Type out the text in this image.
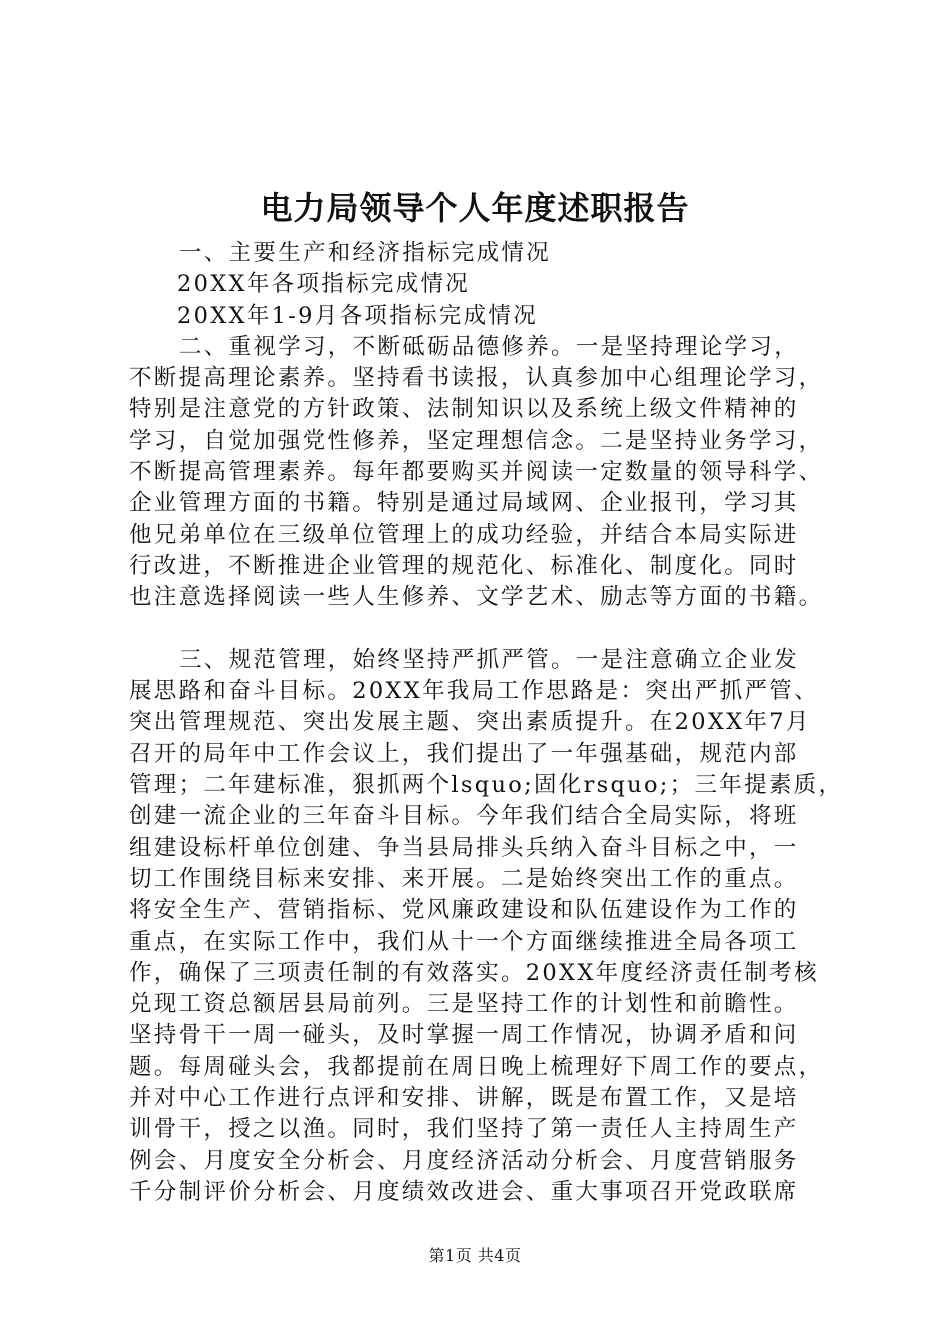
电力局领导个人年度述职报告
一、主要生产和经济指标完成情况
20XX年各项指标完成情况
20XX年1-9月各项指标完成情况
二、重视学习，不断砥砺品德修养。一是坚持理论学习，
不断提高理论素养。坚持看书读报，认真参加中心组理论学习，
特别是注意党的方针政策、法制知识以及系统上级文件精神的
学习，自觉加强党性修养，坚定理想信念。二是坚持业务学习，
不断提高管理素养。每年都要购买并阅读一定数量的领导科学、
企业管理方面的书籍。特别是通过局域网、企业报刊，学习其
他兄弟单位在三级单位管理上的成功经验，并结合本局实际进
行改进，不断推进企业管理的规范化、标准化、制度化。同时
也注意选择阅读一些人生修养、文学艺术、励志等方面的书籍。
三、规范管理，始终坚持严抓严管。一是注意确立企业发
展思路和奋斗目标。20XX年我局工作思路是：突出严抓严管、
突出管理规范、突出发展主题、突出素质提升。在20XX年7月
召开的局年中工作会议上，我们提出了一年强基础，规范内部
管理；二年建标准，狠抓两个lsquo;固化rsquo;；三年提素质，
创建一流企业的三年奋斗目标。今年我们结合全局实际，将班
组建设标杆单位创建、争当县局排头兵纳入奋斗目标之中，一
切工作围绕目标来安排、来开展。二是始终突出工作的重点。
将安全生产、营销指标、党风廉政建设和队伍建设作为工作的
重点，在实际工作中，我们从十一个方面继续推进全局各项工
作，确保了三项责任制的有效落实。20XX年度经济责任制考核
兑现工资总额居县局前列。三是坚持工作的计划性和前瞻性。
坚持骨干一周一碰头，及时掌握一周工作情况，协调矛盾和问
题。每周碰头会，我都提前在周日晚上梳理好下周工作的要点，
并对中心工作进行点评和安排、讲解，既是布置工作，又是培
训骨干，授之以渔。同时，我们坚持了第一责任人主持周生产
例会、月度安全分析会、月度经济活动分析会、月度营销服务
千分制评价分析会、月度绩效改进会、重大事项召开党政联席
第1页 共4页
